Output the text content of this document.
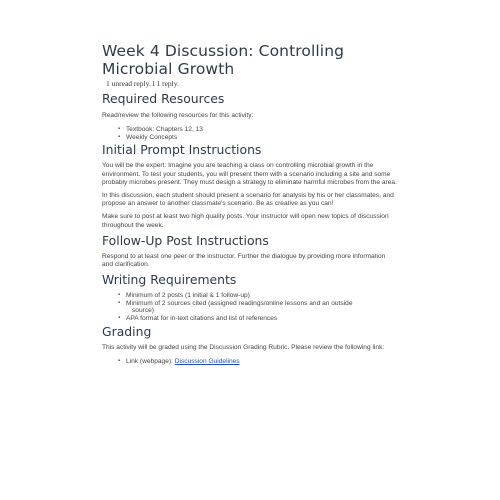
Week 4 Discussion: Controlling Microbial Growth
1 unread reply.11 reply.
Required Resources

Read/review the following resources for this activity:

▪ Textbook: Chapters 12, 13
▪ Weekly Concepts
Initial Prompt Instructions

You will be the expert: Imagine you are teaching a class on controlling microbial growth in the environment. To test your students, you will present them with a scenario including a site and some probably microbes present. They must design a strategy to eliminate harmful microbes from the area.

In this discussion, each student should present a scenario for analysis by his or her classmates, and propose an answer to another classmate's scenario. Be as creative as you can!

Make sure to post at least two high quality posts. Your instructor will open new topics of discussion throughout the week.

Follow-Up Post Instructions

Respond to at least one peer or the instructor. Further the dialogue by providing more information and clarification.

Writing Requirements
▪ Minimum of 2 posts (1 initial & 1 follow-up)
▪ Minimum of 2 sources cited (assigned readings/online lessons and an outside
source)
▪ APA format for in-text citations and list of references
Grading

This activity will be graded using the Discussion Grading Rubric. Please review the following link:

▪ Link (webpage): Discussion Guidelines
